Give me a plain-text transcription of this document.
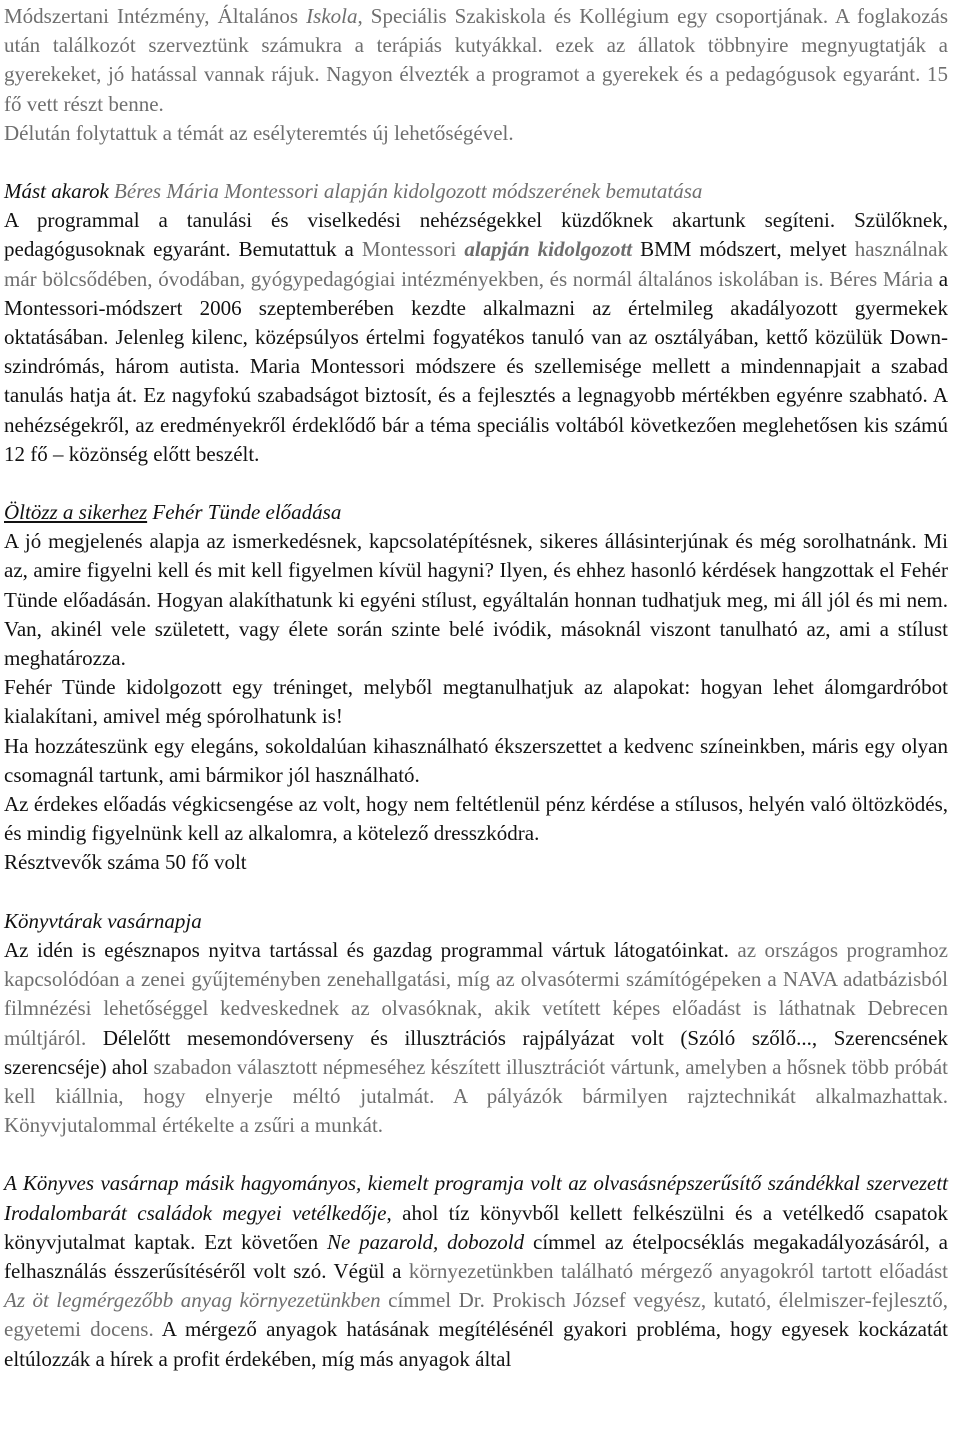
Módszertani Intézmény, Általános Iskola, Speciális Szakiskola és Kollégium egy csoportjának. A foglakozás után találkozót szerveztünk számukra a terápiás kutyákkal. ezek az állatok többnyire megnyugtatják a gyerekeket, jó hatással vannak rájuk. Nagyon élvezték a programot a gyerekek és a pedagógusok egyaránt. 15 fő vett részt benne.

Délután folytattuk a témát az esélyteremtés új lehetőségével.

Mást akarok Béres Mária Montessori alapján kidolgozott módszerének bemutatása

A programmal a tanulási és viselkedési nehézségekkel küzdőknek akartunk segíteni. Szülőknek, pedagógusoknak egyaránt. Bemutattuk a Montessori alapján kidolgozott BMM módszert, melyet használnak már bölcsődében, óvodában, gyógypedagógiai intézményekben, és normál általános iskolában is. Béres Mária a Montessori-módszert 2006 szeptemberében kezdte alkalmazni az értelmileg akadályozott gyermekek oktatásában. Jelenleg kilenc, középsúlyos értelmi fogyatékos tanuló van az osztályában, kettő közülük Down-szindrómás, három autista. Maria Montessori módszere és szellemisége mellett a mindennapjait a szabad tanulás hatja át. Ez nagyfokú szabadságot biztosít, és a fejlesztés a legnagyobb mértékben egyénre szabható. A nehézségekről, az eredményekről érdeklődő bár a téma speciális voltából következően meglehetősen kis számú 12 fő – közönség előtt beszélt.

Öltözz a sikerhez Fehér Tünde előadása

A jó megjelenés alapja az ismerkedésnek, kapcsolatépítésnek, sikeres állásinterjúnak és még sorolhatnánk. Mi az, amire figyelni kell és mit kell figyelmen kívül hagyni? Ilyen, és ehhez hasonló kérdések hangzottak el Fehér Tünde előadásán. Hogyan alakíthatunk ki egyéni stílust, egyáltalán honnan tudhatjuk meg, mi áll jól és mi nem. Van, akinél vele született, vagy élete során szinte belé ivódik, másoknál viszont tanulható az, ami a stílust meghatározza.

Fehér Tünde kidolgozott egy tréninget, melyből megtanulhatjuk az alapokat: hogyan lehet álomgardróbot kialakítani, amivel még spórolhatunk is!

Ha hozzáteszünk egy elegáns, sokoldalúan kihasználható ékszerszettet a kedvenc színeinkben, máris egy olyan csomagnál tartunk, ami bármikor jól használható.

Az érdekes előadás végkicsengése az volt, hogy nem feltétlenül pénz kérdése a stílusos, helyén való öltözködés, és mindig figyelnünk kell az alkalomra, a kötelező dresszkódra.

Résztvevők száma 50 fő volt

Könyvtárak vasárnapja

Az idén is egésznapos nyitva tartással és gazdag programmal vártuk látogatóinkat. az országos programhoz kapcsolódóan a zenei gyűjteményben zenehallgatási, míg az olvasótermi számítógépeken a NAVA adatbázisból filmnézési lehetőséggel kedveskednek az olvasóknak, akik vetített képes előadást is láthatnak Debrecen múltjáról. Délelőtt mesemondóverseny és illusztrációs rajpályázat volt (Szóló szőlő..., Szerencsének szerencséje) ahol szabadon választott népmeséhez készített illusztrációt vártunk, amelyben a hősnek több próbát kell kiállnia, hogy elnyerje méltó jutalmát. A pályázók bármilyen rajztechnikát alkalmazhattak. Könyvjutalommal értékelte a zsűri a munkát.

A Könyves vasárnap másik hagyományos, kiemelt programja volt az olvasásnépszerűsítő szándékkal szervezett Irodalombarát családok megyei vetélkedője, ahol tíz könyvből kellett felkészülni és a vetélkedő csapatok könyvjutalmat kaptak. Ezt követően Ne pazarold, dobozold címmel az ételpocséklás megakadályozásáról, a felhasználás ésszerűsítéséről volt szó. Végül a környezetünkben található mérgező anyagokról tartott előadást Az öt legmérgezőbb anyag környezetünkben címmel Dr. Prokisch József vegyész, kutató, élelmiszer-fejlesztő, egyetemi docens. A mérgező anyagok hatásának megítélésénél gyakori probléma, hogy egyesek kockázatát eltúlozzák a hírek a profit érdekében, míg más anyagok által
